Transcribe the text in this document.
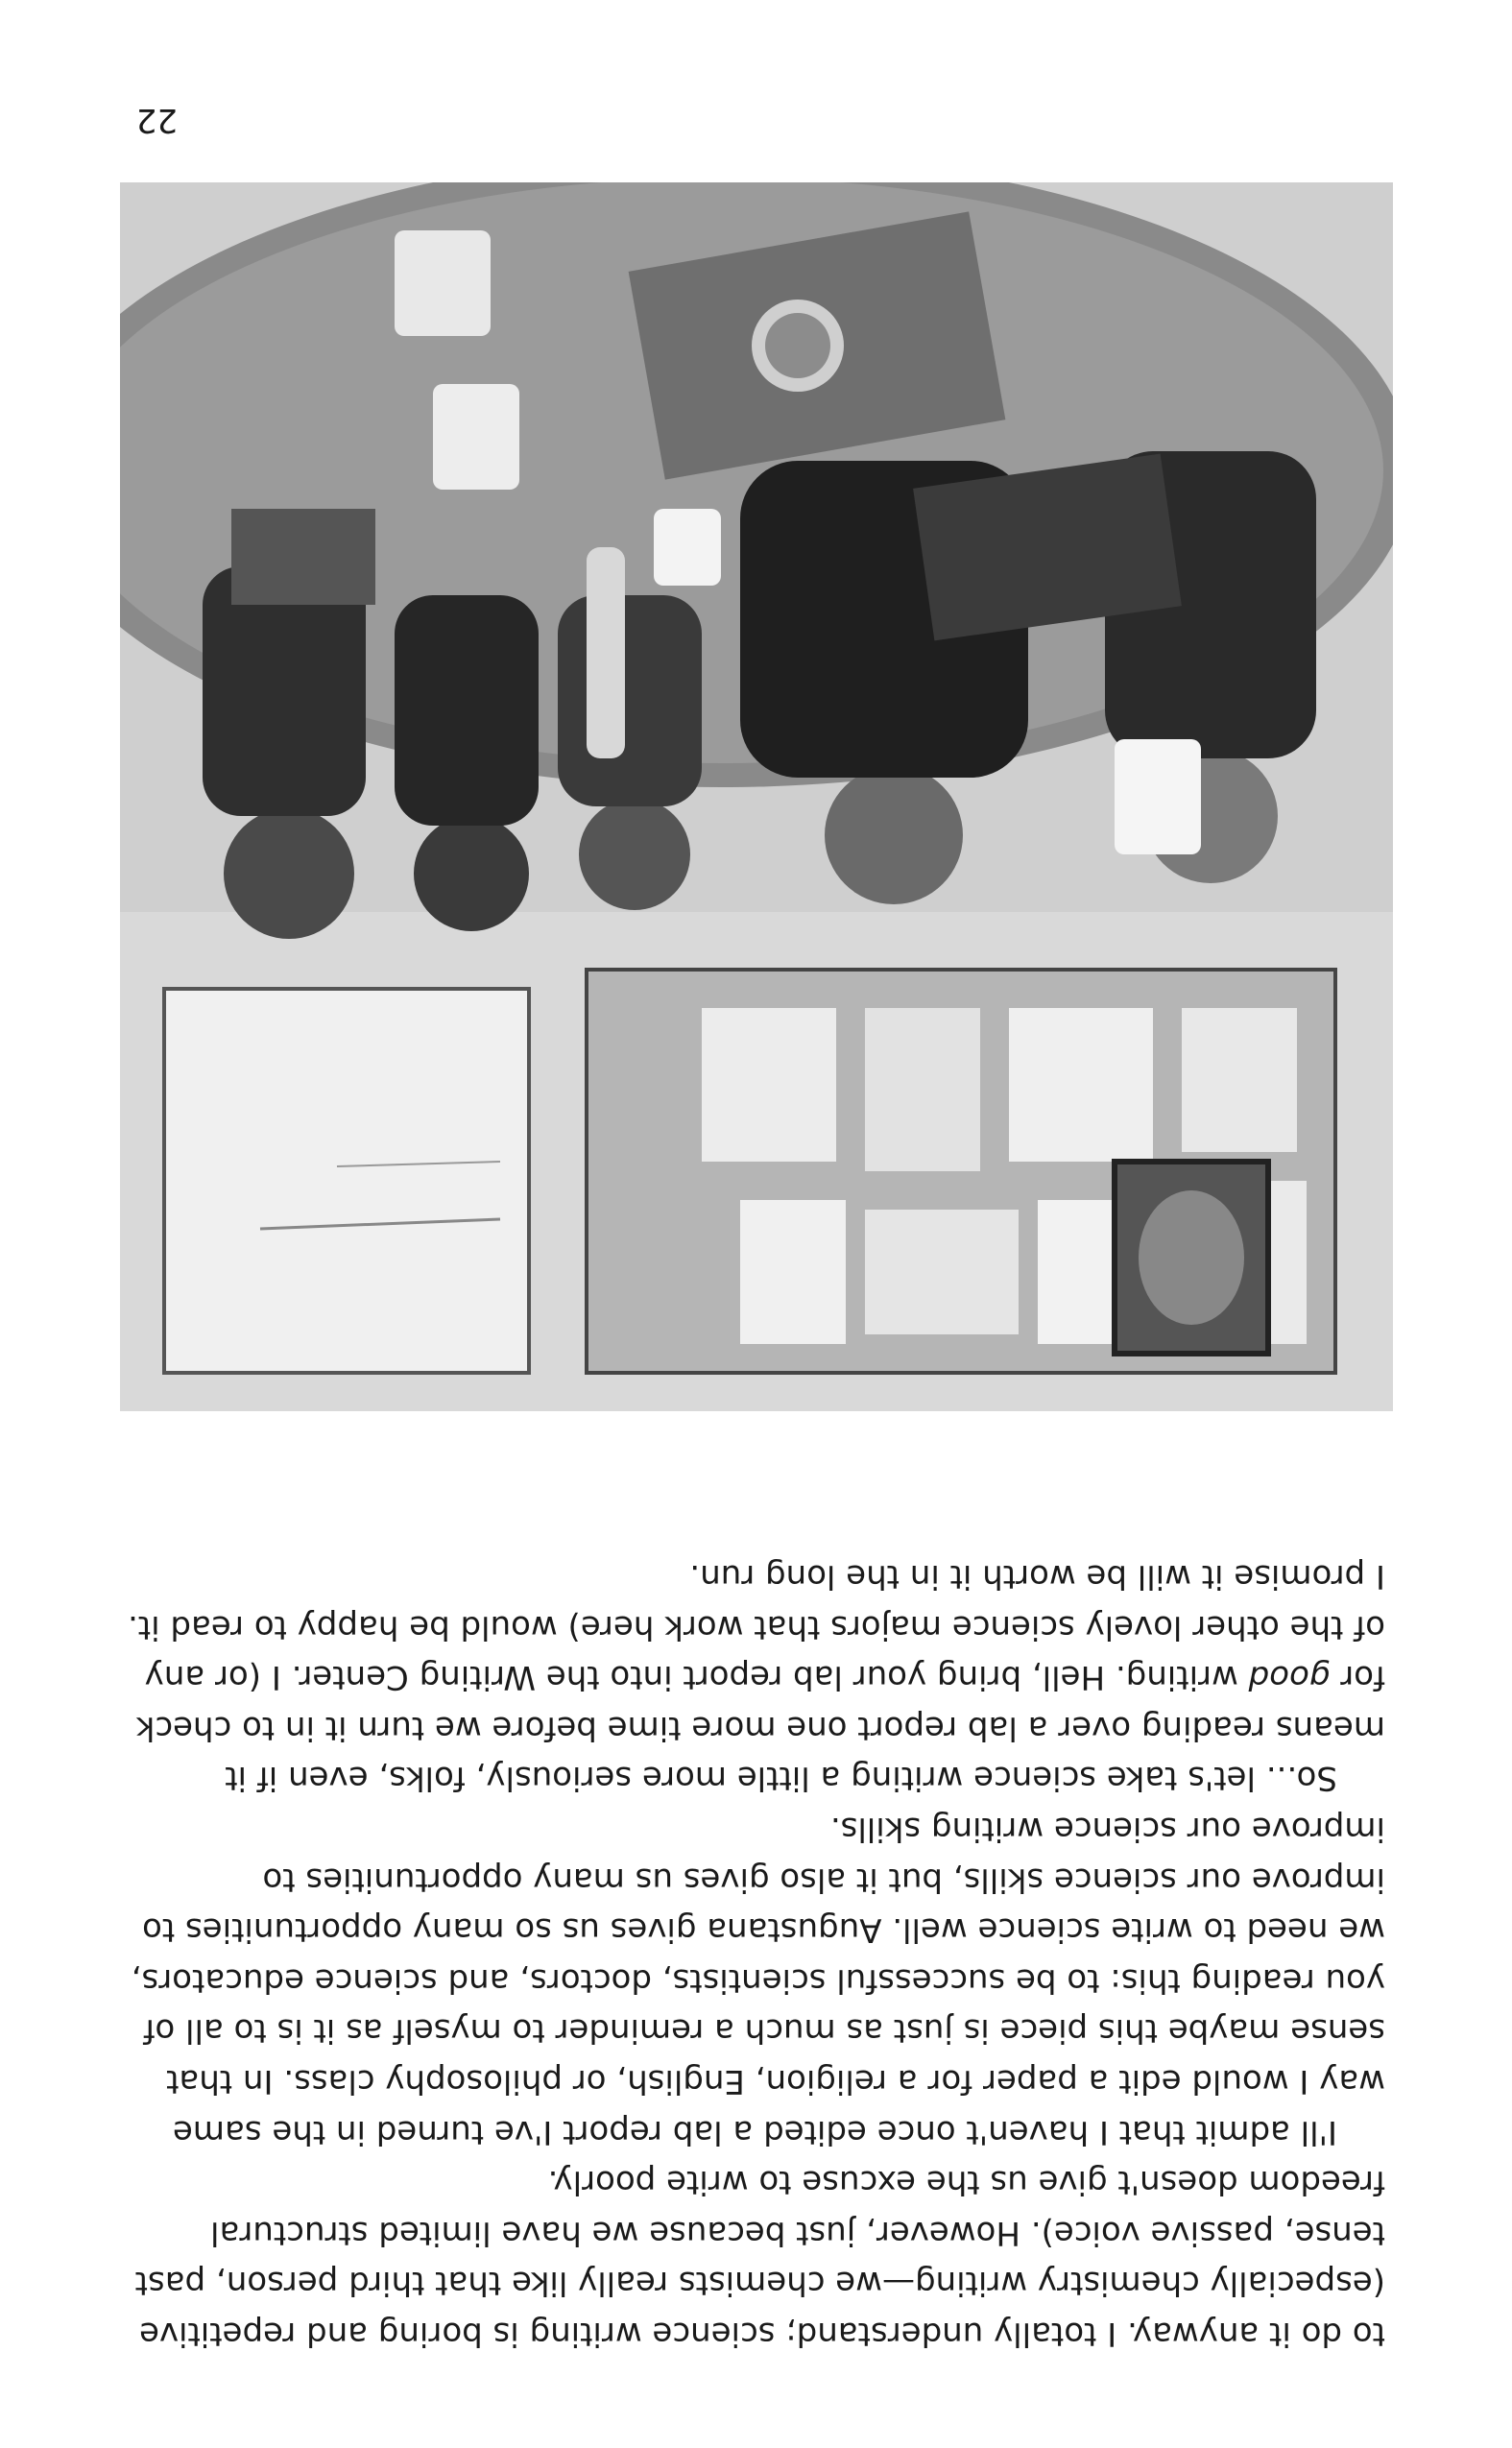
to do it anyway. I totally understand; science writing is boring and repetitive (especially chemistry writing—we chemists really like that third person, past tense, passive voice). However, just because we have limited structural freedom doesn't give us the excuse to write poorly.

I'll admit that I haven't once edited a lab report I've turned in the same way I would edit a paper for a religion, English, or philosophy class. In that sense maybe this piece is just as much a reminder to myself as it is to all of you reading this: to be successful scientists, doctors, and science educators, we need to write science well. Augustana gives us so many opportunities to improve our science skills, but it also gives us many opportunities to improve our science writing skills.

So... let's take science writing a little more seriously, folks, even if it means reading over a lab report one more time before we turn it in to check for good writing. Hell, bring your lab report into the Writing Center. I (or any of the other lovely science majors that work here) would be happy to read it. I promise it will be worth it in the long run.

22
